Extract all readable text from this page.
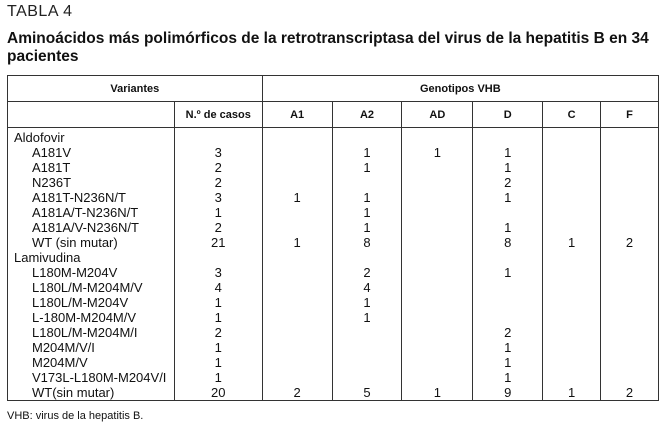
TABLA 4
Aminoácidos más polimórficos de la retrotranscriptasa del virus de la hepatitis B en 34 pacientes
Variantes		Genotipos VHB					
	N.º de casos	A1	A2	AD	D	C	F
Aldofovir							
A181V	3		1	1	1		
A181T	2		1		1		
N236T	2				2		
A181T-N236N/T	3	1	1		1		
A181A/T-N236N/T	1		1				
A181A/V-N236N/T	2		1		1		
WT (sin mutar)	21	1	8		8	1	2
Lamivudina							
L180M-M204V	3		2		1		
L180L/M-M204M/V	4		4				
L180L/M-M204V	1		1				
L-180M-M204M/V	1		1				
L180L/M-M204M/I	2				2		
M204M/V/I	1				1		
M204M/V	1				1		
V173L-L180M-M204V/I	1				1		
WT(sin mutar)	20	2	5	1	9	1	2
VHB: virus de la hepatitis B.
